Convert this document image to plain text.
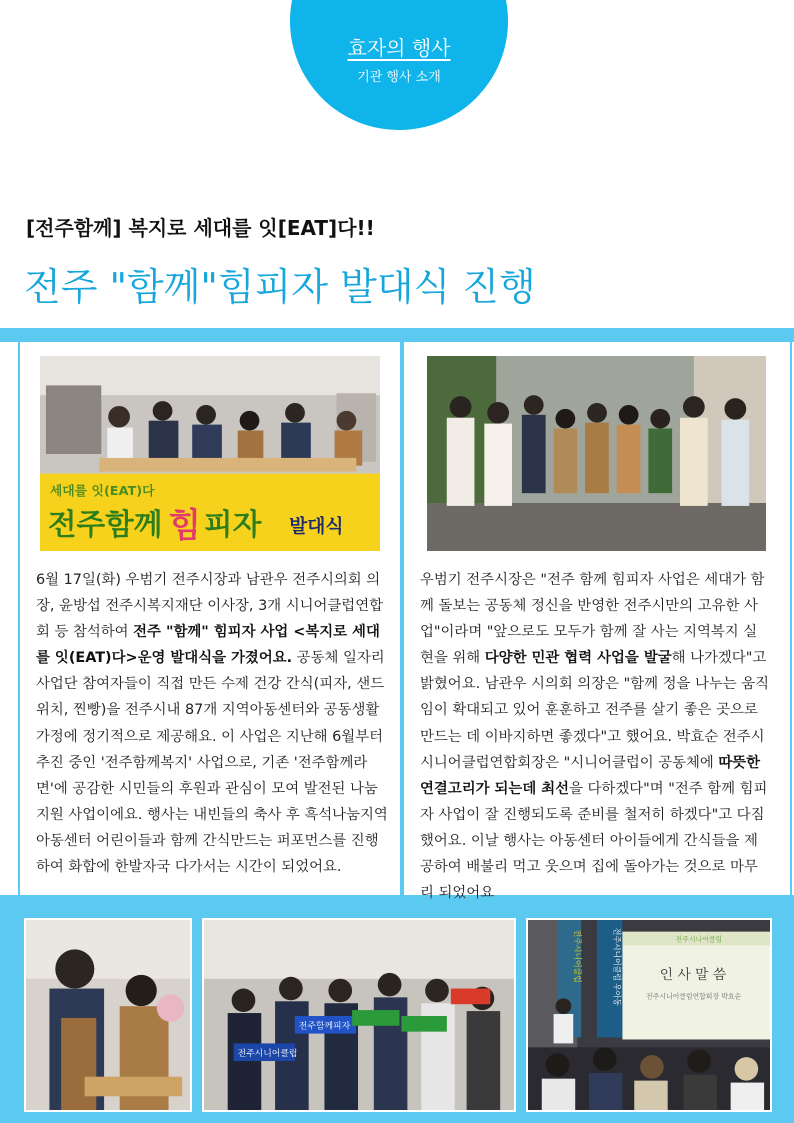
효자의 행사
기관 행사 소개
[전주함께] 복지로 세대를 잇[EAT]다!!
전주 "함께"힘피자 발대식 진행
세대를 잇(EAT)다
전주함께 힘 피자 발대식

6월 17일(화) 우범기 전주시장과 남관우 전주시의회 의장, 윤방섭 전주시복지재단 이사장, 3개 시니어클럽연합회 등 참석하여 전주 "함께" 힘피자 사업 <복지로 세대를 잇(EAT)다>운영 발대식을 가졌어요. 공동체 일자리사업단 참여자들이 직접 만든 수제 건강 간식(피자, 샌드위치, 찐빵)을 전주시내 87개 지역아동센터와 공동생활가정에 정기적으로 제공해요. 이 사업은 지난해 6월부터 추진 중인 '전주함께복지' 사업으로, 기존 '전주함께라면'에 공감한 시민들의 후원과 관심이 모여 발전된 나눔 지원 사업이에요. 행사는 내빈들의 축사 후 흑석나눔지역아동센터 어린이들과 함께 간식만드는 퍼포먼스를 진행하여 화합에 한발자국 다가서는 시간이 되었어요.

우범기 전주시장은 "전주 함께 힘피자 사업은 세대가 함께 돌보는 공동체 정신을 반영한 전주시만의 고유한 사업"이라며 "앞으로도 모두가 함께 잘 사는 지역복지 실현을 위해 다양한 민관 협력 사업을 발굴해 나가겠다"고 밝혔어요. 남관우 시의회 의장은 "함께 정을 나누는 움직임이 확대되고 있어 훈훈하고 전주를 살기 좋은 곳으로 만드는 데 이바지하면 좋겠다"고 했어요. 박효순 전주시 시니어클럽연합회장은 "시니어클럽이 공동체에 따뜻한 연결고리가 되는데 최선을 다하겠다"며 "전주 함께 힘피자 사업이 잘 진행되도록 준비를 철저히 하겠다"고 다짐했어요. 이날 행사는 아동센터 아이들에게 간식들을 제공하여 배불리 먹고 웃으며 집에 돌아가는 것으로 마무리 되었어요

전주시니어클럽
전주함께피자
전주시니어클럽	전주시니어클럽 우아동	전주시니어클럽
인 사 말 씀
전주시니어클럽연합회장 박효순
